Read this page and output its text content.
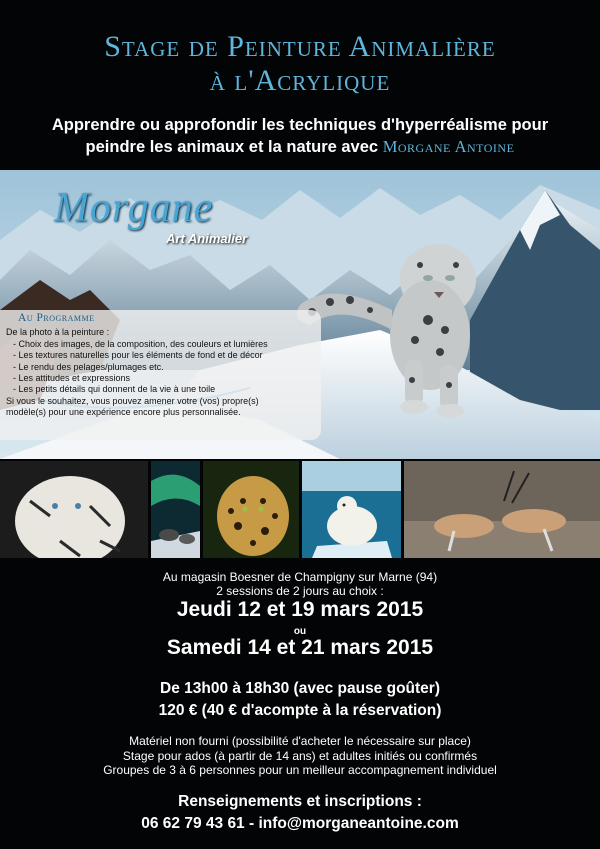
Stage de Peinture Animalière
à l'Acrylique
Apprendre ou approfondir les techniques d'hyperréalisme pour
peindre les animaux et la nature avec Morgane Antoine
Morgane
Art Animalier
Au Programme
De la photo à la peinture :
- Choix des images, de la composition, des couleurs et lumières
- Les textures naturelles pour les éléments de fond et de décor
- Le rendu des pelages/plumages etc.
- Les attitudes et expressions
- Les petits détails qui donnent de la vie à une toile
Si vous le souhaitez, vous pouvez amener votre (vos) propre(s)
modèle(s) pour une expérience encore plus personnalisée.
Au magasin Boesner de Champigny sur Marne (94)
2 sessions de 2 jours au choix :
Jeudi 12 et 19 mars 2015
ou
Samedi 14 et 21 mars 2015
De 13h00 à 18h30 (avec pause goûter)
120 € (40 € d'acompte à la réservation)
Matériel non fourni (possibilité d'acheter le nécessaire sur place)
Stage pour ados (à partir de 14 ans) et adultes initiés ou confirmés
Groupes de 3 à 6 personnes pour un meilleur accompagnement individuel
Renseignements et inscriptions :
06 62 79 43 61 - info@morganeantoine.com
